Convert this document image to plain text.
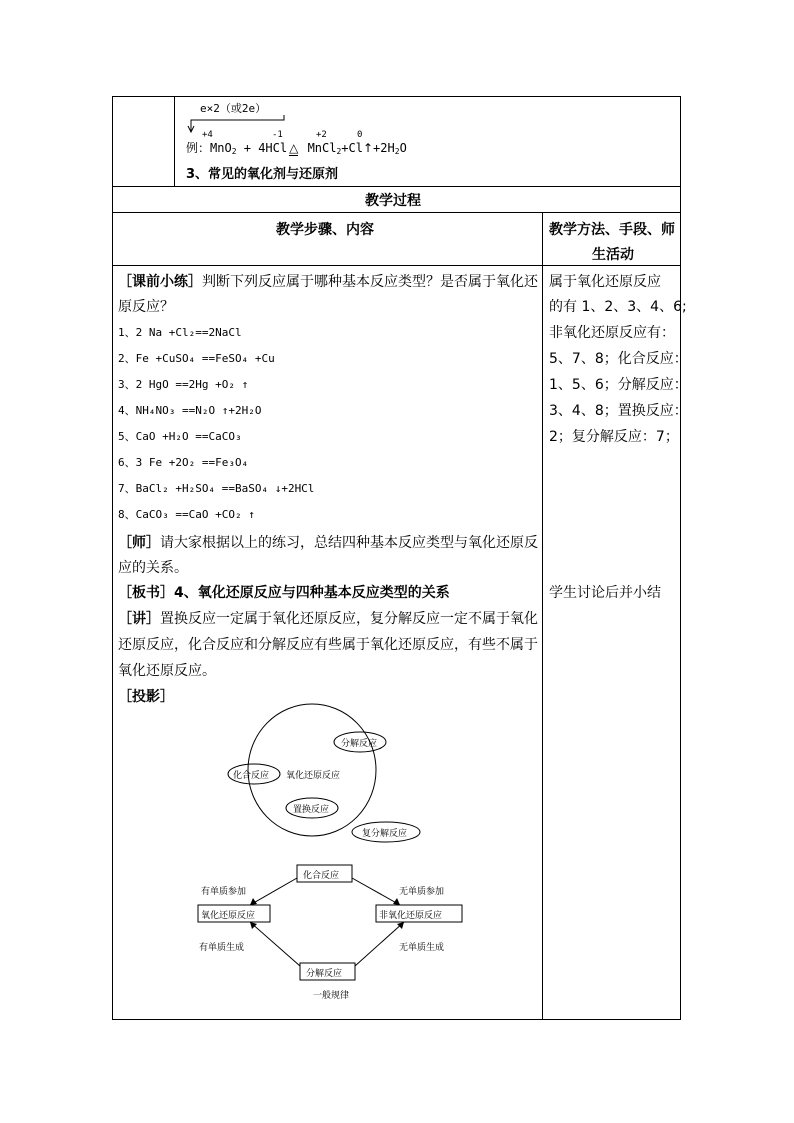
e×2（或2e）
+4	-1	+2	0
例：MnO$_2$ + 4HCl △ $MnCl_2+Cl↑+2H_2O$
3、常见的氧化剂与还原剂
教学过程
教学步骤、内容	教学方法、手段、师
生活动
［课前小练］判断下列反应属于哪种基本反应类型？是否属于氧化还
原反应？
1、2 Na +Cl₂==2NaCl
2、Fe +CuSO₄ ==FeSO₄ +Cu
3、2 HgO ==2Hg +O₂ ↑
4、NH₄NO₃ ==N₂O ↑+2H₂O
5、CaO +H₂O ==CaCO₃
6、3 Fe +2O₂ ==Fe₃O₄
7、BaCl₂ +H₂SO₄ ==BaSO₄ ↓+2HCl
8、CaCO₃ ==CaO +CO₂ ↑
［师］请大家根据以上的练习，总结四种基本反应类型与氧化还原反
应的关系。
［板书］4、氧化还原反应与四种基本反应类型的关系
［讲］置换反应一定属于氧化还原反应，复分解反应一定不属于氧化
还原反应，化合反应和分解反应有些属于氧化还原反应，有些不属于
氧化还原反应。
［投影］
属于氧化还原反应
的有 1、2、3、4、6;
非氧化还原反应有：
5、7、8；化合反应：
1、5、6；分解反应：
3、4、8；置换反应：
2；复分解反应：7；
学生讨论后并小结
分解反应
化合反应 氧化还原反应
置换反应
复分解反应
化合反应
氧化还原反应	非氧化还原反应
分解反应
有单质参加	无单质参加
有单质生成	无单质生成
一般规律
